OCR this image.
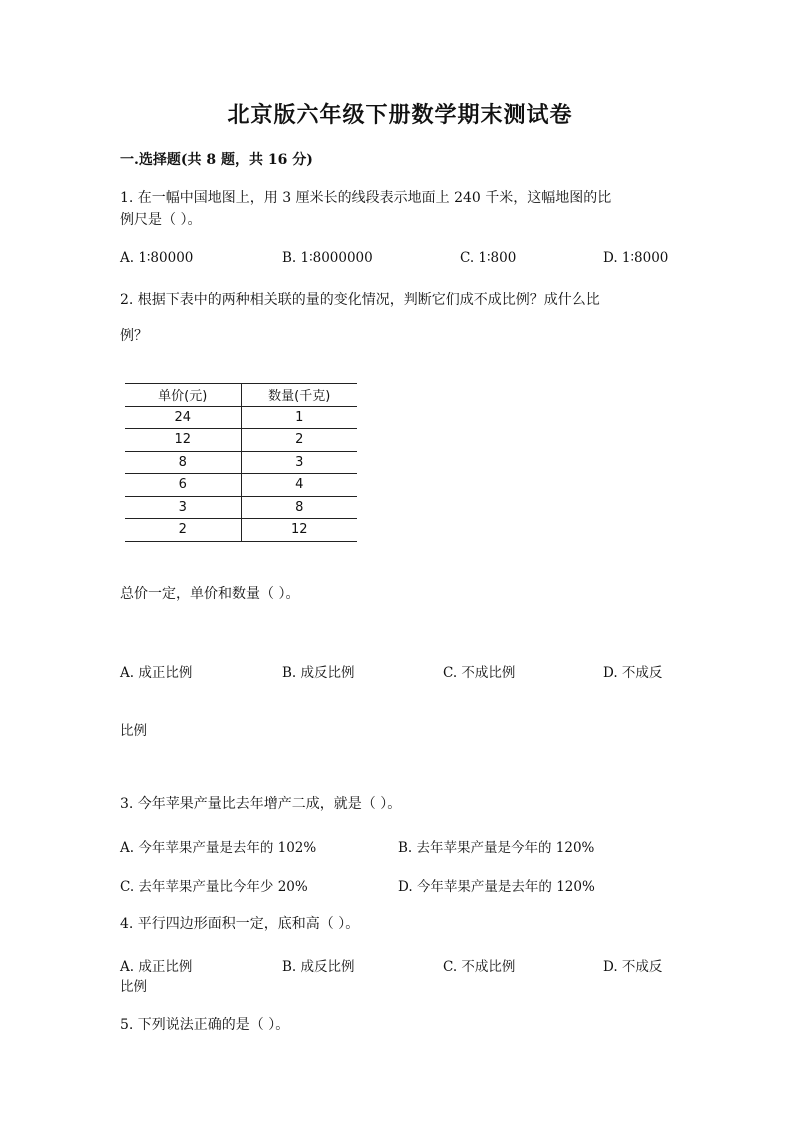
北京版六年级下册数学期末测试卷
一.选择题(共 8 题，共 16 分)
1. 在一幅中国地图上，用 3 厘米长的线段表示地面上 240 千米，这幅地图的比
例尺是（ ）。
A. 1∶80000	B. 1∶8000000	C. 1∶800	D. 1∶8000
2. 根据下表中的两种相关联的量的变化情况，判断它们成不成比例？成什么比
例？
单价(元)	数量(千克)
24	1
12	2
8	3
6	4
3	8
2	12
总价一定，单价和数量（ ）。
A. 成正比例	B. 成反比例	C. 不成比例	D. 不成反
比例
3. 今年苹果产量比去年增产二成，就是（ ）。
A. 今年苹果产量是去年的 102%	B. 去年苹果产量是今年的 120%
C. 去年苹果产量比今年少 20%	D. 今年苹果产量是去年的 120%
4. 平行四边形面积一定，底和高（ ）。
A. 成正比例	B. 成反比例	C. 不成比例	D. 不成反
比例
5. 下列说法正确的是（ ）。
